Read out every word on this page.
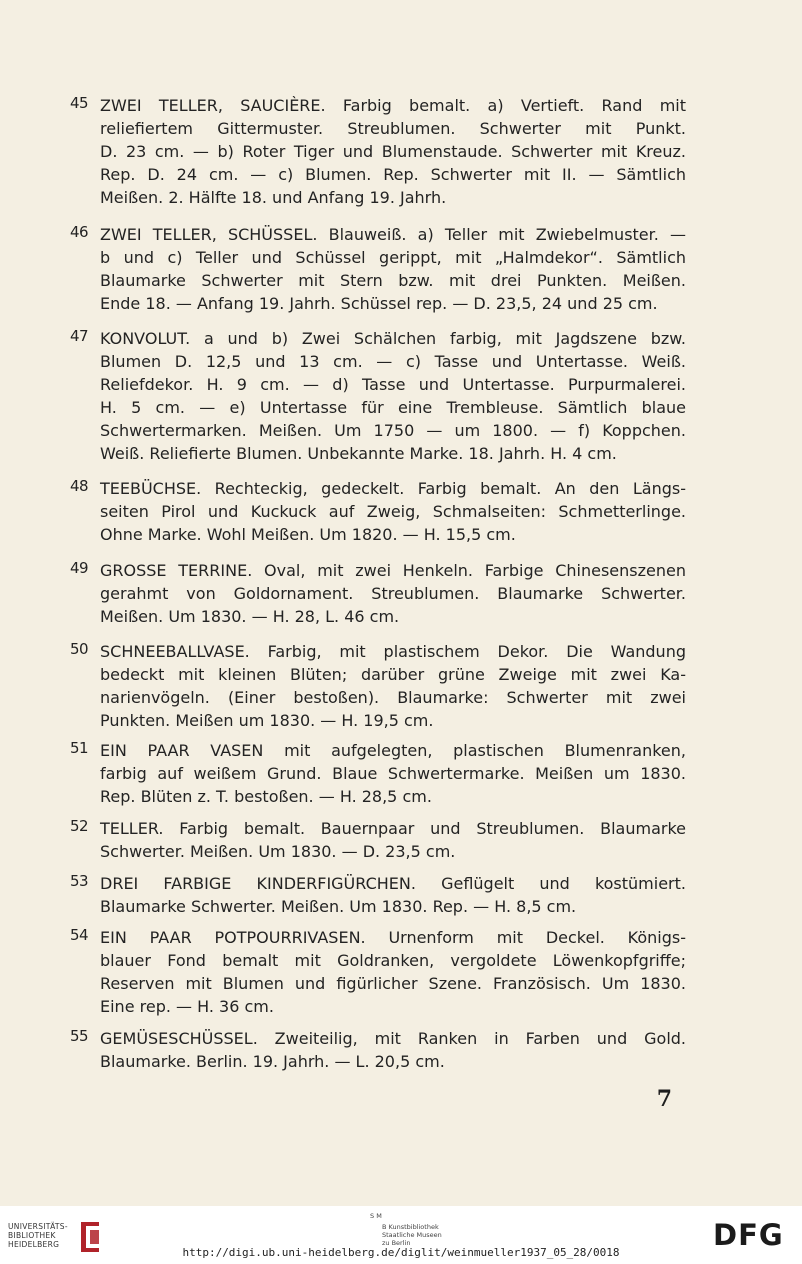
45 ZWEI TELLER, SAUCIÈRE. Farbig bemalt. a) Vertieft. Rand mit
reliefiertem Gittermuster. Streublumen. Schwerter mit Punkt.
D. 23 cm. — b) Roter Tiger und Blumenstaude. Schwerter mit Kreuz.
Rep. D. 24 cm. — c) Blumen. Rep. Schwerter mit II. — Sämtlich
Meißen. 2. Hälfte 18. und Anfang 19. Jahrh.
46 ZWEI TELLER, SCHÜSSEL. Blauweiß. a) Teller mit Zwiebelmuster. —
b und c) Teller und Schüssel gerippt, mit „Halmdekor“. Sämtlich
Blaumarke Schwerter mit Stern bzw. mit drei Punkten. Meißen.
Ende 18. — Anfang 19. Jahrh. Schüssel rep. — D. 23,5, 24 und 25 cm.
47 KONVOLUT. a und b) Zwei Schälchen farbig, mit Jagdszene bzw.
Blumen D. 12,5 und 13 cm. — c) Tasse und Untertasse. Weiß.
Reliefdekor. H. 9 cm. — d) Tasse und Untertasse. Purpurmalerei.
H. 5 cm. — e) Untertasse für eine Trembleuse. Sämtlich blaue
Schwertermarken. Meißen. Um 1750 — um 1800. — f) Koppchen.
Weiß. Reliefierte Blumen. Unbekannte Marke. 18. Jahrh. H. 4 cm.
48 TEEBÜCHSE. Rechteckig, gedeckelt. Farbig bemalt. An den Längs-
seiten Pirol und Kuckuck auf Zweig, Schmalseiten: Schmetterlinge.
Ohne Marke. Wohl Meißen. Um 1820. — H. 15,5 cm.
49 GROSSE TERRINE. Oval, mit zwei Henkeln. Farbige Chinesenszenen
gerahmt von Goldornament. Streublumen. Blaumarke Schwerter.
Meißen. Um 1830. — H. 28, L. 46 cm.
50 SCHNEEBALLVASE. Farbig, mit plastischem Dekor. Die Wandung
bedeckt mit kleinen Blüten; darüber grüne Zweige mit zwei Ka-
narienvögeln. (Einer bestoßen). Blaumarke: Schwerter mit zwei
Punkten. Meißen um 1830. — H. 19,5 cm.
51 EIN PAAR VASEN mit aufgelegten, plastischen Blumenranken,
farbig auf weißem Grund. Blaue Schwertermarke. Meißen um 1830.
Rep. Blüten z. T. bestoßen. — H. 28,5 cm.
52 TELLER. Farbig bemalt. Bauernpaar und Streublumen. Blaumarke
Schwerter. Meißen. Um 1830. — D. 23,5 cm.
53 DREI FARBIGE KINDERFIGÜRCHEN. Geflügelt und kostümiert.
Blaumarke Schwerter. Meißen. Um 1830. Rep. — H. 8,5 cm.
54 EIN PAAR POTPOURRIVASEN. Urnenform mit Deckel. Königs-
blauer Fond bemalt mit Goldranken, vergoldete Löwenkopfgriffe;
Reserven mit Blumen und figürlicher Szene. Französisch. Um 1830.
Eine rep. — H. 36 cm.
55 GEMÜSESCHÜSSEL. Zweiteilig, mit Ranken in Farben und Gold.
Blaumarke. Berlin. 19. Jahrh. — L. 20,5 cm.
7
UNIVERSITÄTS-
BIBLIOTHEK
HEIDELBERG
S M
B Kunstbibliothek
Staatliche Museen
zu Berlin	DFG
http://digi.ub.uni-heidelberg.de/diglit/weinmueller1937_05_28/0018
